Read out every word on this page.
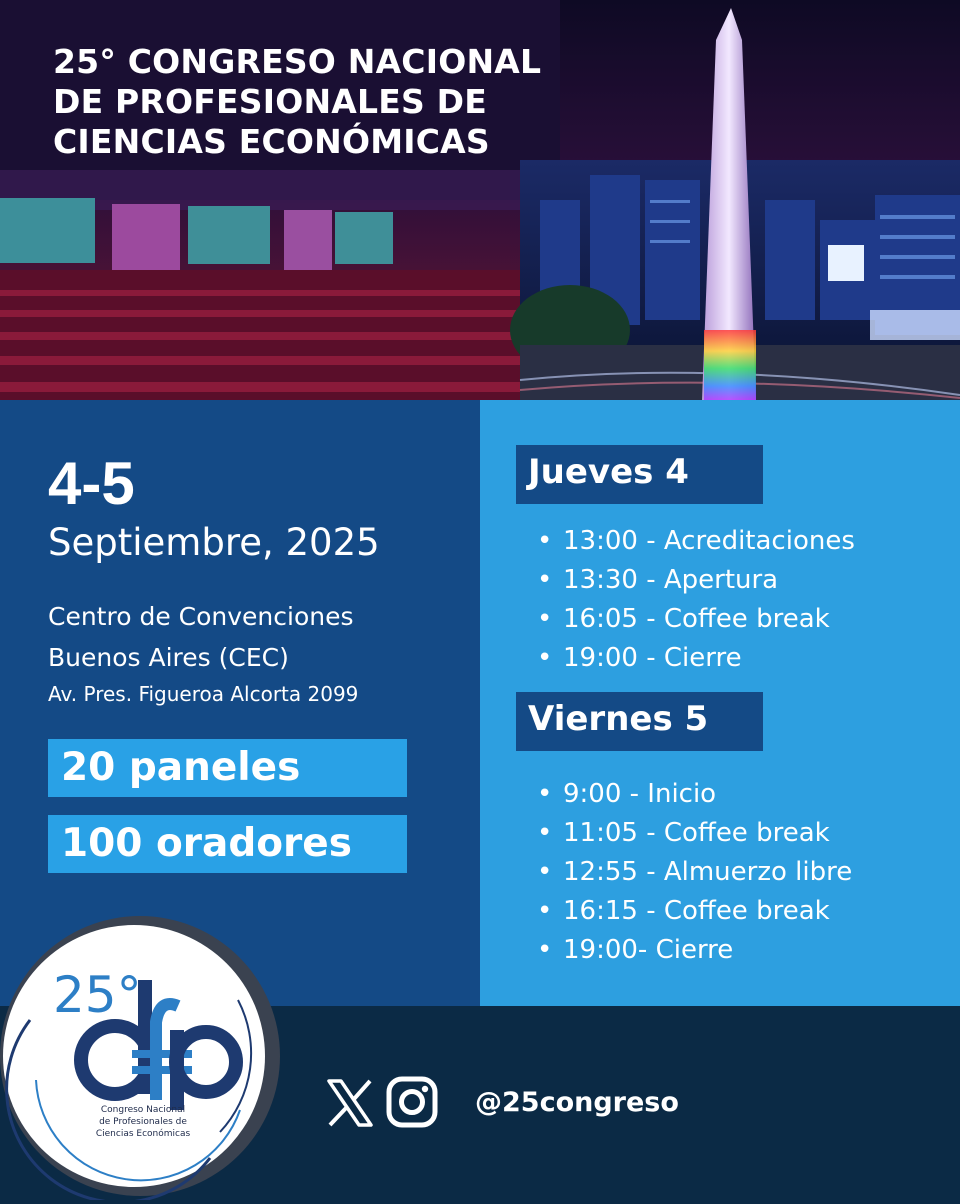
25° CONGRESO NACIONAL
DE PROFESIONALES DE
CIENCIAS ECONÓMICAS
4-5
Septiembre, 2025
Centro de Convenciones
Buenos Aires (CEC)
Av. Pres. Figueroa Alcorta 2099
20 paneles
100 oradores
Jueves 4
• 13:00 - Acreditaciones
• 13:30 - Apertura
• 16:05 - Coffee break
• 19:00 - Cierre
Viernes 5
• 9:00 - Inicio
• 11:05 - Coffee break
• 12:55 - Almuerzo libre
• 16:15 - Coffee break
• 19:00- Cierre
25°
Congreso Nacional
de Profesionales de
Ciencias Económicas
@25congreso
